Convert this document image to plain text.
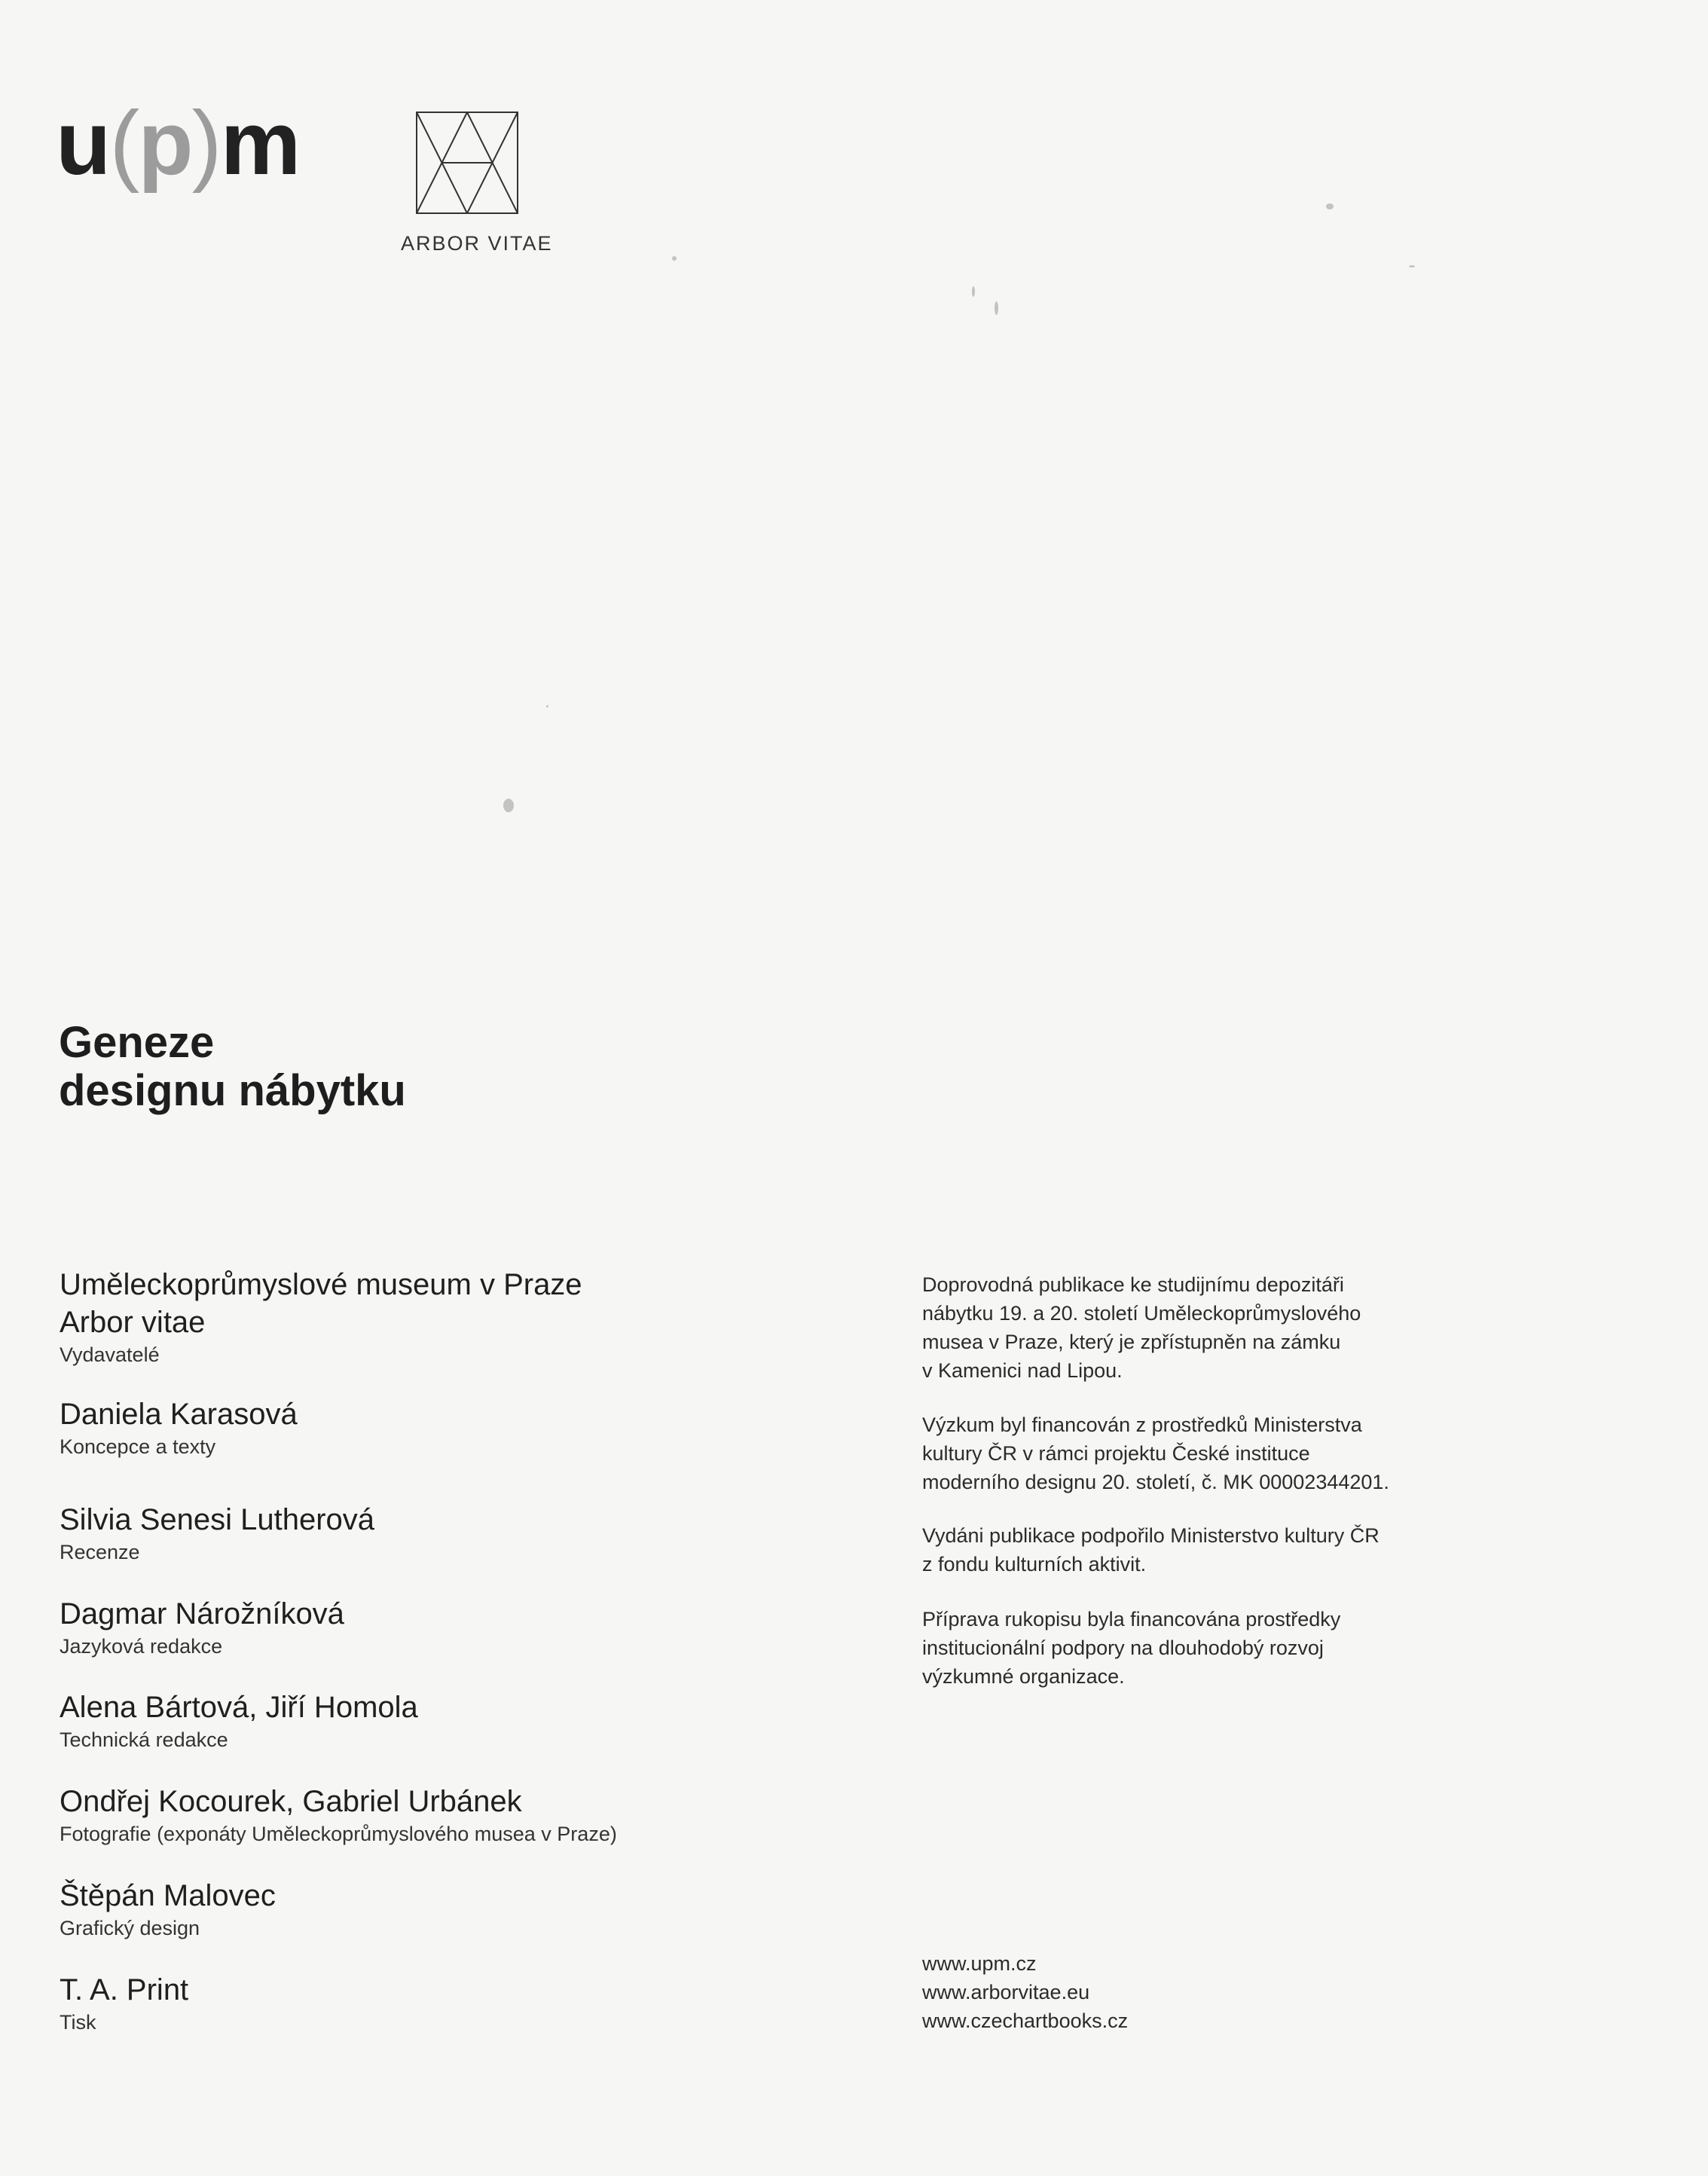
u(p)m
ARBOR VITAE
Geneze
designu nábytku
Uměleckoprůmyslové museum v Praze
Arbor vitae
Vydavatelé
Daniela Karasová
Koncepce a texty
Silvia Senesi Lutherová
Recenze
Dagmar Nárožníková
Jazyková redakce
Alena Bártová, Jiří Homola
Technická redakce
Ondřej Kocourek, Gabriel Urbánek
Fotografie (exponáty Uměleckoprůmyslového musea v Praze)
Štěpán Malovec
Grafický design
T. A. Print
Tisk

Doprovodná publikace ke studijnímu depozitáři
nábytku 19. a 20. století Uměleckoprůmyslového
musea v Praze, který je zpřístupněn na zámku
v Kamenici nad Lipou.

Výzkum byl financován z prostředků Ministerstva
kultury ČR v rámci projektu České instituce
moderního designu 20. století, č. MK 00002344201.

Vydáni publikace podpořilo Ministerstvo kultury ČR
z fondu kulturních aktivit.

Příprava rukopisu byla financována prostředky
institucionální podpory na dlouhodobý rozvoj
výzkumné organizace.

www.upm.cz
www.arborvitae.eu
www.czechartbooks.cz
